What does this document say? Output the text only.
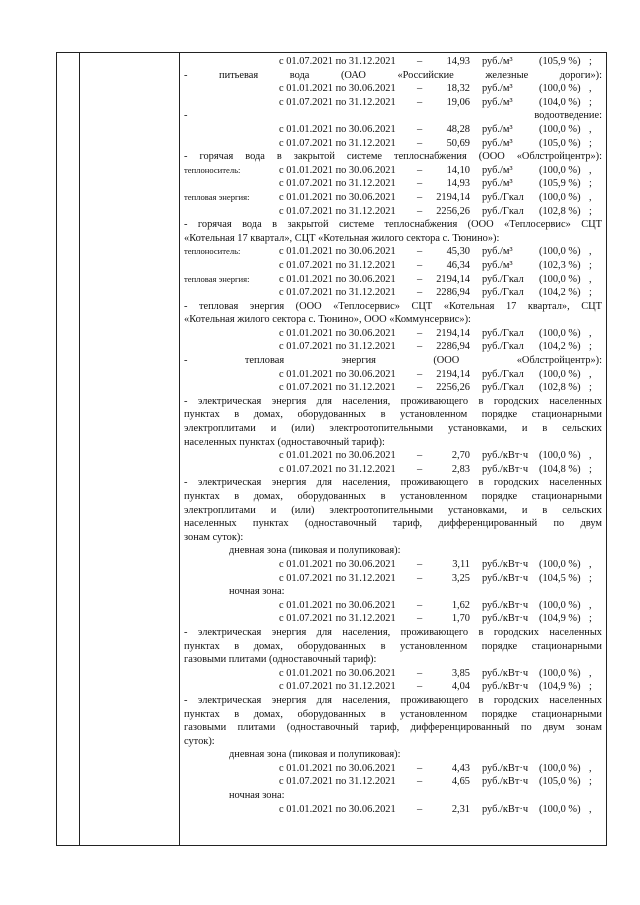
с 01.07.2021 по 31.12.2021 –	14,93 руб./м³	(105,9 %) ;
- питьевая вода (ОАО «Российские железные дороги»):
с 01.01.2021 по 30.06.2021 –	18,32 руб./м³	(100,0 %) ,
с 01.07.2021 по 31.12.2021 –	19,06 руб./м³	(104,0 %) ;
- водоотведение:
с 01.01.2021 по 30.06.2021 –	48,28 руб./м³	(100,0 %) ,
с 01.07.2021 по 31.12.2021 –	50,69 руб./м³	(105,0 %) ;
- горячая вода в закрытой системе теплоснабжения (ООО «Облстройцентр»):
теплоноситель:	с 01.01.2021 по 30.06.2021 –	14,10 руб./м³	(100,0 %) ,
с 01.07.2021 по 31.12.2021 –	14,93 руб./м³	(105,9 %) ;
тепловая энергия:	с 01.01.2021 по 30.06.2021 –	2194,14 руб./Гкал (100,0 %) ,
с 01.07.2021 по 31.12.2021 –	2256,26 руб./Гкал (102,8 %) ;
- горячая вода в закрытой системе теплоснабжения (ООО «Теплосервис» СЦТ
«Котельная 17 квартал», СЦТ «Котельная жилого сектора с. Тюнино»):
теплоноситель:	с 01.01.2021 по 30.06.2021 –	45,30 руб./м³	(100,0 %) ,
с 01.07.2021 по 31.12.2021 –	46,34 руб./м³	(102,3 %) ;
тепловая энергия:	с 01.01.2021 по 30.06.2021 –	2194,14 руб./Гкал (100,0 %) ,
с 01.07.2021 по 31.12.2021 –	2286,94 руб./Гкал (104,2 %) ;
- тепловая энергия (ООО «Теплосервис» СЦТ «Котельная 17 квартал», СЦТ
«Котельная жилого сектора с. Тюнино», ООО «Коммунсервис»):
с 01.01.2021 по 30.06.2021 –	2194,14 руб./Гкал (100,0 %) ,
с 01.07.2021 по 31.12.2021 –	2286,94 руб./Гкал (104,2 %) ;
- тепловая энергия (ООО «Облстройцентр»):
с 01.01.2021 по 30.06.2021 –	2194,14 руб./Гкал (100,0 %) ,
с 01.07.2021 по 31.12.2021 –	2256,26 руб./Гкал (102,8 %) ;
- электрическая энергия для населения, проживающего в городских населенных
пунктах в домах, оборудованных в установленном порядке стационарными
электроплитами и (или) электроотопительными установками, и в сельских
населенных пунктах (одноставочный тариф):
с 01.01.2021 по 30.06.2021 –	2,70 руб./кВт·ч (100,0 %) ,
с 01.07.2021 по 31.12.2021 –	2,83 руб./кВт·ч (104,8 %) ;
- электрическая энергия для населения, проживающего в городских населенных
пунктах в домах, оборудованных в установленном порядке стационарными
электроплитами и (или) электроотопительными установками, и в сельских
населенных пунктах (одноставочный тариф, дифференцированный по двум
зонам суток):
дневная зона (пиковая и полупиковая):
с 01.01.2021 по 30.06.2021 –	3,11 руб./кВт·ч (100,0 %) ,
с 01.07.2021 по 31.12.2021 –	3,25 руб./кВт·ч (104,5 %) ;
ночная зона:
с 01.01.2021 по 30.06.2021 –	1,62 руб./кВт·ч (100,0 %) ,
с 01.07.2021 по 31.12.2021 –	1,70 руб./кВт·ч (104,9 %) ;
- электрическая энергия для населения, проживающего в городских населенных
пунктах в домах, оборудованных в установленном порядке стационарными
газовыми плитами (одноставочный тариф):
с 01.01.2021 по 30.06.2021 –	3,85 руб./кВт·ч (100,0 %) ,
с 01.07.2021 по 31.12.2021 –	4,04 руб./кВт·ч (104,9 %) ;
- электрическая энергия для населения, проживающего в городских населенных
пунктах в домах, оборудованных в установленном порядке стационарными
газовыми плитами (одноставочный тариф, дифференцированный по двум зонам
суток):
дневная зона (пиковая и полупиковая):
с 01.01.2021 по 30.06.2021 –	4,43 руб./кВт·ч (100,0 %) ,
с 01.07.2021 по 31.12.2021 –	4,65 руб./кВт·ч (105,0 %) ;
ночная зона:
с 01.01.2021 по 30.06.2021 –	2,31 руб./кВт·ч (100,0 %) ,
